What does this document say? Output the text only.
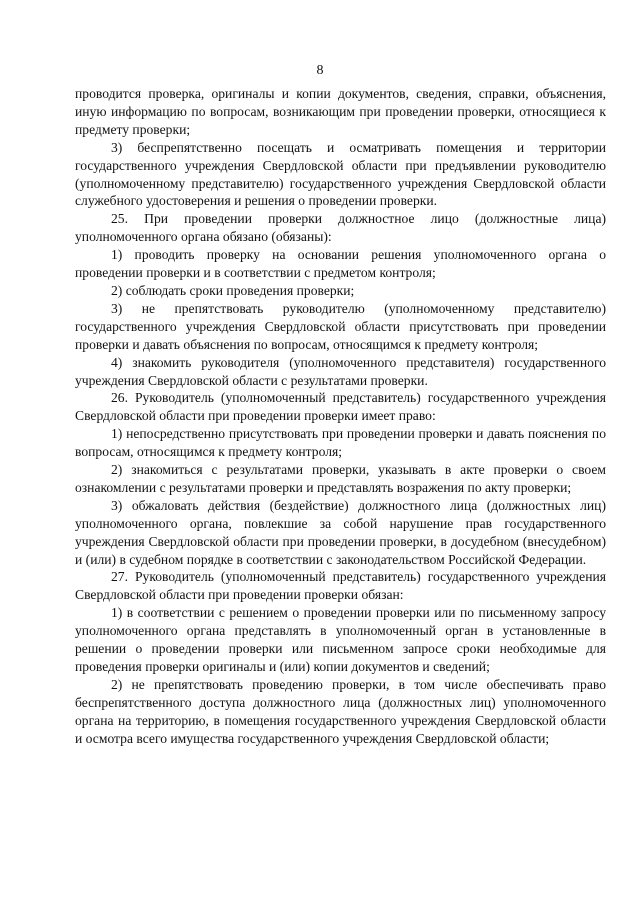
8

проводится проверка, оригиналы и копии документов, сведения, справки, объяснения, иную информацию по вопросам, возникающим при проведении проверки, относящиеся к предмету проверки;

3) беспрепятственно посещать и осматривать помещения и территории государственного учреждения Свердловской области при предъявлении руководителю (уполномоченному представителю) государственного учреждения Свердловской области служебного удостоверения и решения о проведении проверки.

25. При проведении проверки должностное лицо (должностные лица) уполномоченного органа обязано (обязаны):

1) проводить проверку на основании решения уполномоченного органа о проведении проверки и в соответствии с предметом контроля;

2) соблюдать сроки проведения проверки;

3) не препятствовать руководителю (уполномоченному представителю) государственного учреждения Свердловской области присутствовать при проведении проверки и давать объяснения по вопросам, относящимся к предмету контроля;

4) знакомить руководителя (уполномоченного представителя) государственного учреждения Свердловской области с результатами проверки.

26. Руководитель (уполномоченный представитель) государственного учреждения Свердловской области при проведении проверки имеет право:

1) непосредственно присутствовать при проведении проверки и давать пояснения по вопросам, относящимся к предмету контроля;

2) знакомиться с результатами проверки, указывать в акте проверки о своем ознакомлении с результатами проверки и представлять возражения по акту проверки;

3) обжаловать действия (бездействие) должностного лица (должностных лиц) уполномоченного органа, повлекшие за собой нарушение прав государственного учреждения Свердловской области при проведении проверки, в досудебном (внесудебном) и (или) в судебном порядке в соответствии с законодательством Российской Федерации.

27. Руководитель (уполномоченный представитель) государственного учреждения Свердловской области при проведении проверки обязан:

1) в соответствии с решением о проведении проверки или по письменному запросу уполномоченного органа представлять в уполномоченный орган в установленные в решении о проведении проверки или письменном запросе сроки необходимые для проведения проверки оригиналы и (или) копии документов и сведений;

2) не препятствовать проведению проверки, в том числе обеспечивать право беспрепятственного доступа должностного лица (должностных лиц) уполномоченного органа на территорию, в помещения государственного учреждения Свердловской области и осмотра всего имущества государственного учреждения Свердловской области;
